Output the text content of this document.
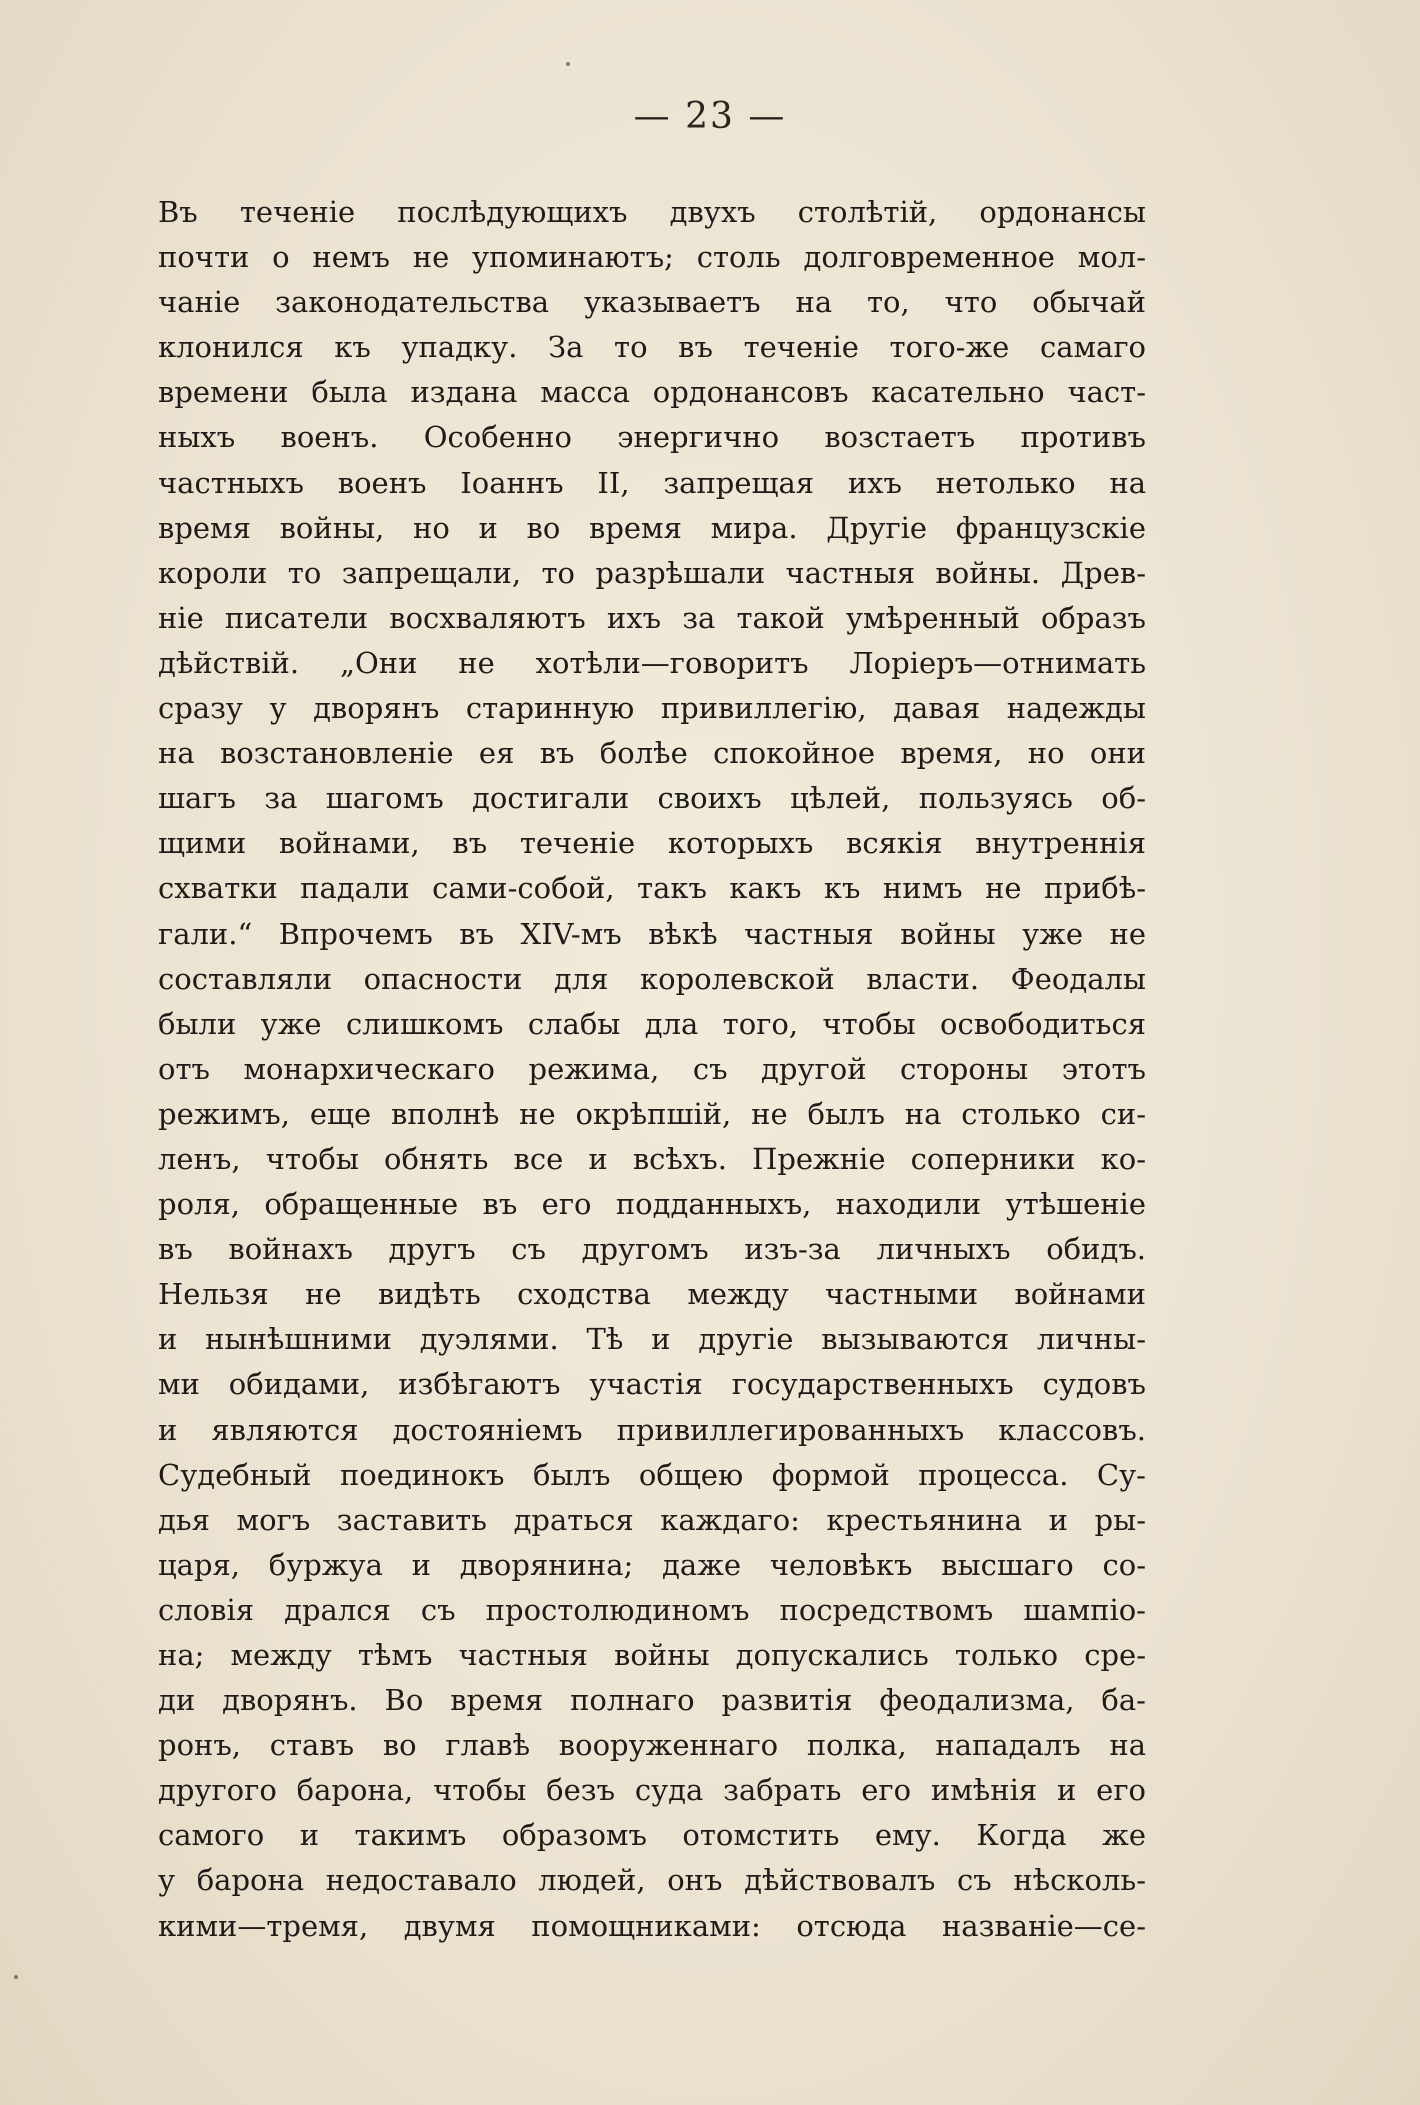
— 23 —
Въ теченіе послѣдующихъ двухъ столѣтій, ордонансы
почти о немъ не упоминаютъ; столь долговременное мол-
чаніе законодательства указываетъ на то, что обычай
клонился къ упадку. За то въ теченіе того-же самаго
времени была издана масса ордонансовъ касательно част-
ныхъ военъ. Особенно энергично возстаетъ противъ
частныхъ военъ Іоаннъ II, запрещая ихъ нетолько на
время войны, но и во время мира. Другіе французскіе
короли то запрещали, то разрѣшали частныя войны. Древ-
ніе писатели восхваляютъ ихъ за такой умѣренный образъ
дѣйствій. „Они не хотѣли—говоритъ Лоріеръ—отнимать
сразу у дворянъ старинную привиллегію, давая надежды
на возстановленіе ея въ болѣе спокойное время, но они
шагъ за шагомъ достигали своихъ цѣлей, пользуясь об-
щими войнами, въ теченіе которыхъ всякія внутреннія
схватки падали сами-собой, такъ какъ къ нимъ не прибѣ-
гали.“ Впрочемъ въ XIV-мъ вѣкѣ частныя войны уже не
составляли опасности для королевской власти. Феодалы
были уже слишкомъ слабы дла того, чтобы освободиться
отъ монархическаго режима, съ другой стороны этотъ
режимъ, еще вполнѣ не окрѣпшій, не былъ на столько си-
ленъ, чтобы обнять все и всѣхъ. Прежніе соперники ко-
роля, обращенные въ его подданныхъ, находили утѣшеніе
въ войнахъ другъ съ другомъ изъ-за личныхъ обидъ.
Нельзя не видѣть сходства между частными войнами
и нынѣшними дуэлями. Тѣ и другіе вызываются личны-
ми обидами, избѣгаютъ участія государственныхъ судовъ
и являются достояніемъ привиллегированныхъ классовъ.
Судебный поединокъ былъ общею формой процесса. Су-
дья могъ заставить драться каждаго: крестьянина и ры-
царя, буржуа и дворянина; даже человѣкъ высшаго со-
словія дрался съ простолюдиномъ посредствомъ шампіо-
на; между тѣмъ частныя войны допускались только сре-
ди дворянъ. Во время полнаго развитія феодализма, ба-
ронъ, ставъ во главѣ вооруженнаго полка, нападалъ на
другого барона, чтобы безъ суда забрать его имѣнія и его
самого и такимъ образомъ отомстить ему. Когда же
у барона недоставало людей, онъ дѣйствовалъ съ нѣсколь-
кими—тремя, двумя помощниками: отсюда названіе—се-
